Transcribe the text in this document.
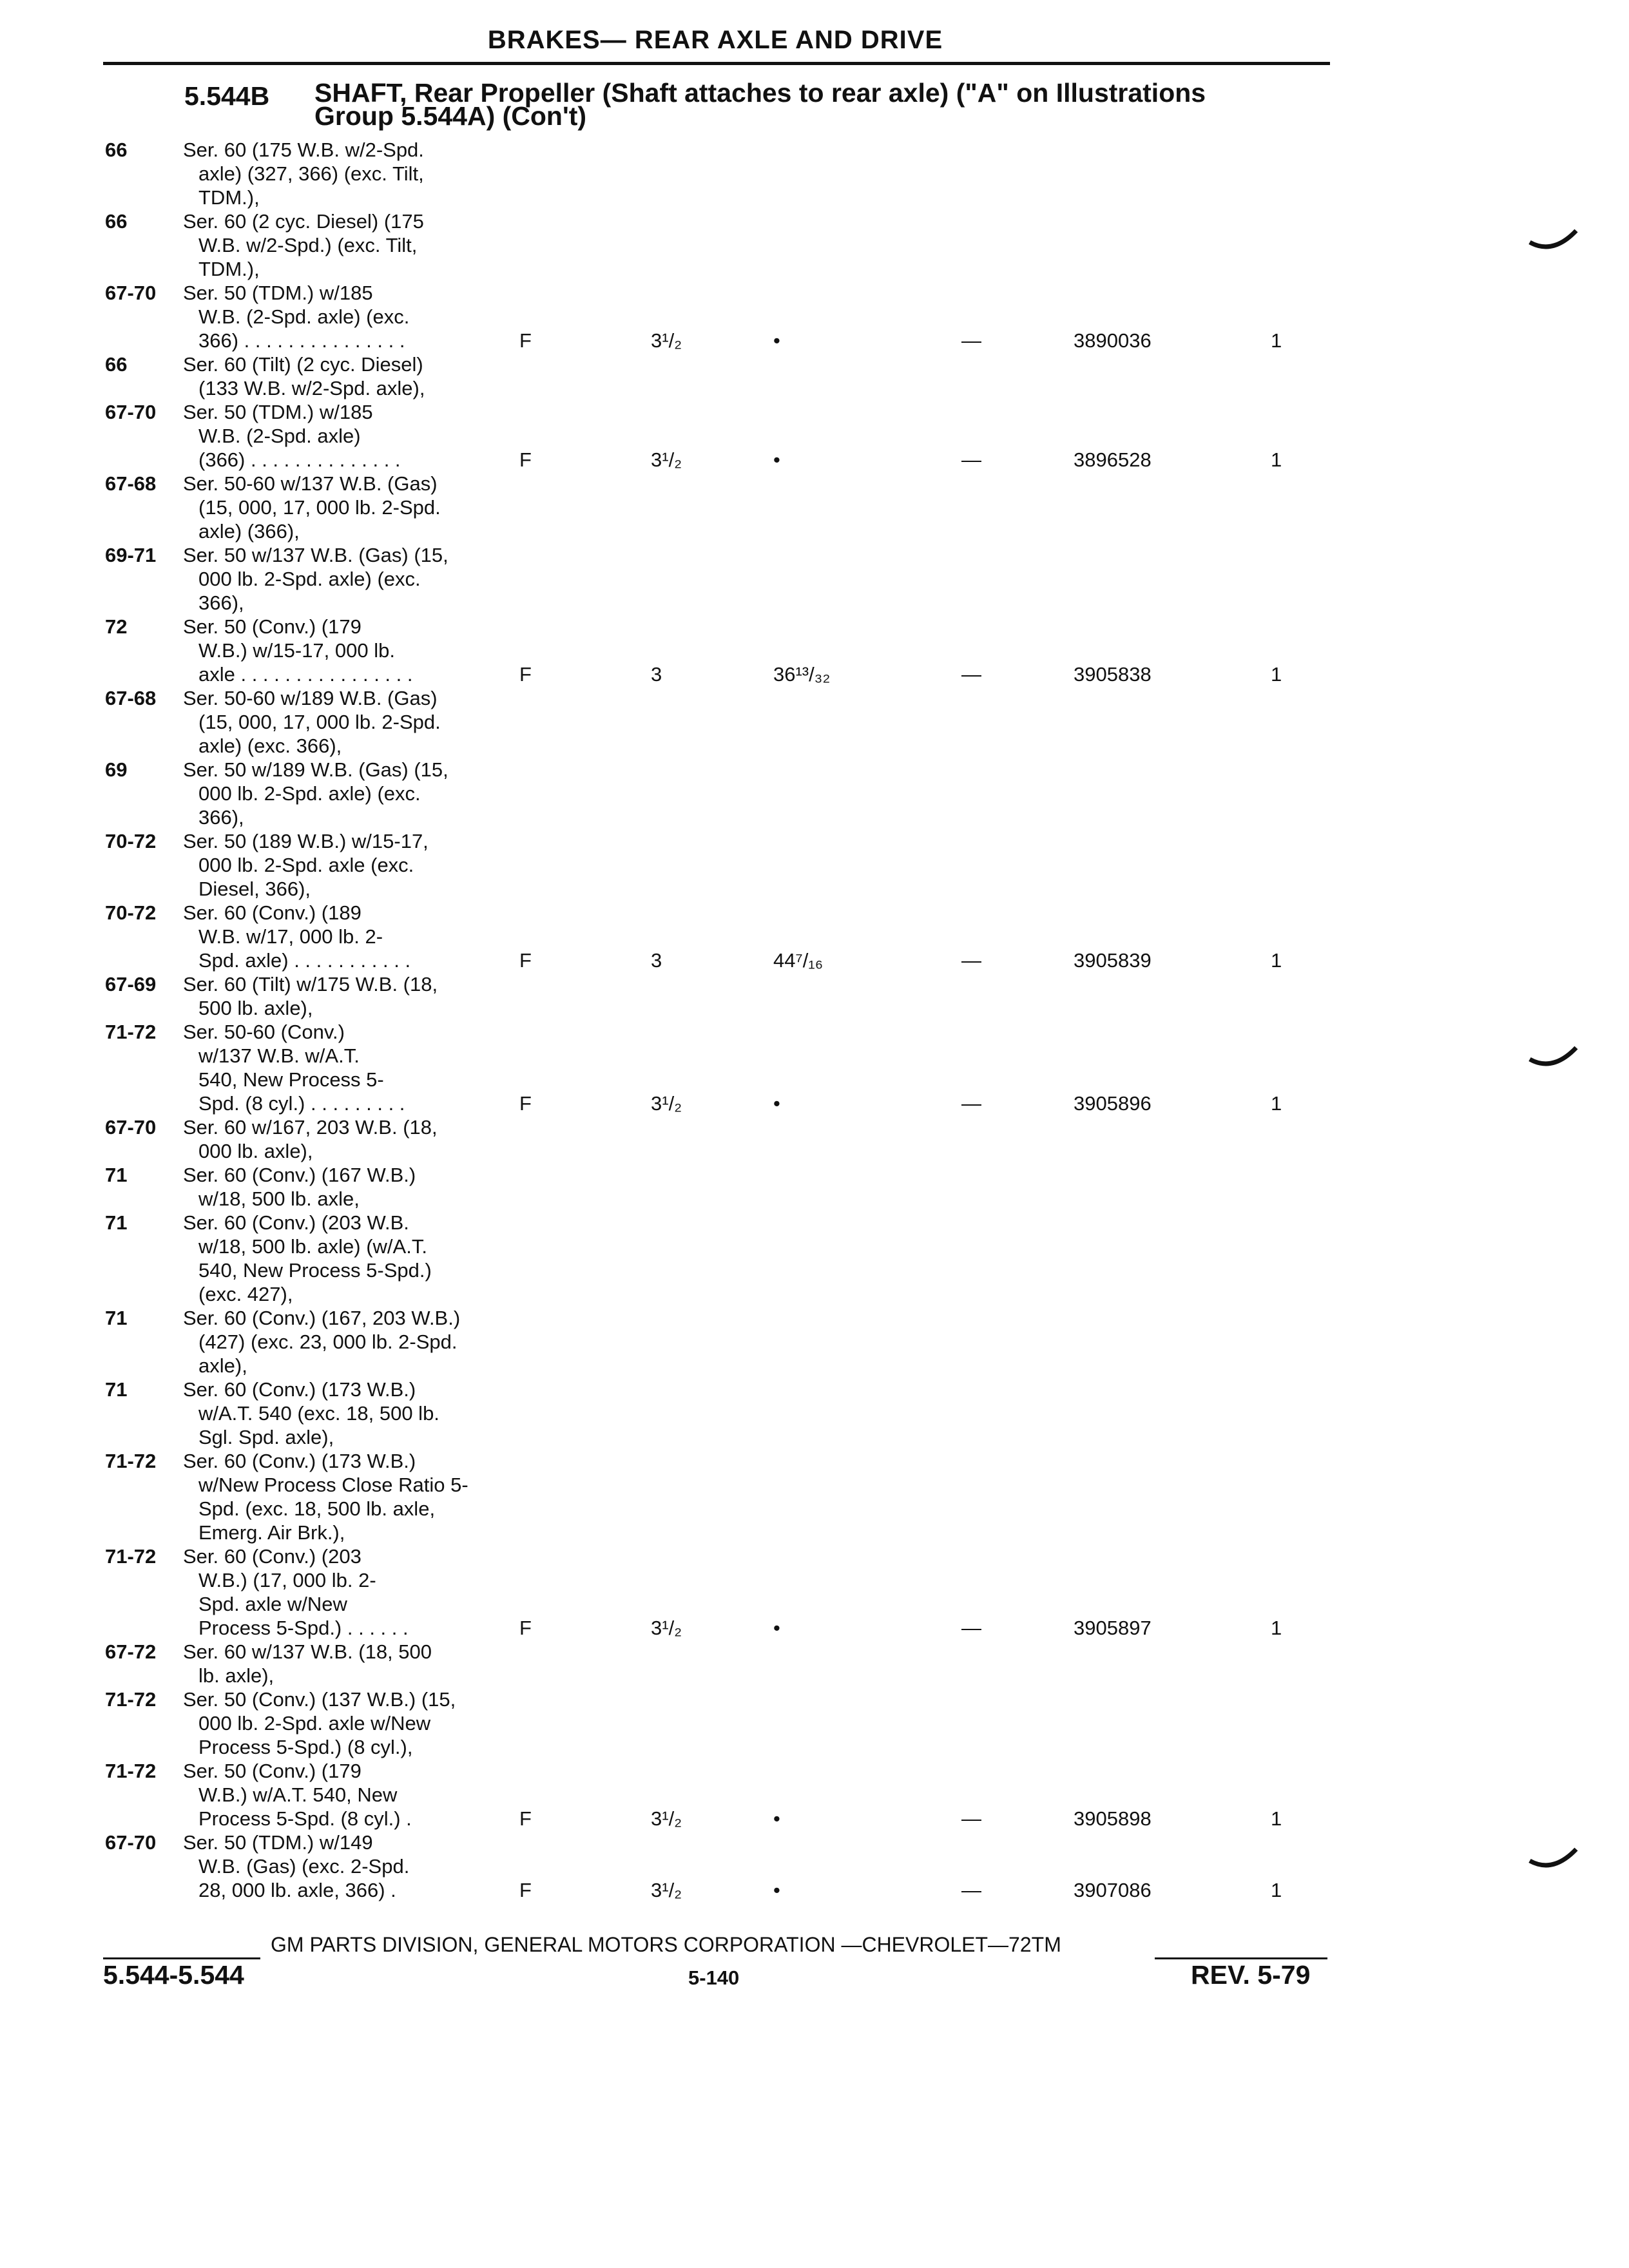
BRAKES— REAR AXLE AND DRIVE
5.544B SHAFT, Rear Propeller (Shaft attaches to rear axle) ("A" on Illustrations
Group 5.544A) (Con't)
66	Ser. 60 (175 W.B. w/2-Spd.
axle) (327, 366) (exc. Tilt,
TDM.),
66	Ser. 60 (2 cyc. Diesel) (175
W.B. w/2-Spd.) (exc. Tilt,
TDM.),
67-70 Ser. 50 (TDM.) w/185
W.B. (2-Spd. axle) (exc.
366) . . . . . . . . . . . . . . .	F	3¹/₂	•	—	3890036	1
66	Ser. 60 (Tilt) (2 cyc. Diesel)
(133 W.B. w/2-Spd. axle),
67-70 Ser. 50 (TDM.) w/185
W.B. (2-Spd. axle)
(366) . . . . . . . . . . . . . .	F	3¹/₂	•	—	3896528	1
67-68 Ser. 50-60 w/137 W.B. (Gas)
(15, 000, 17, 000 lb. 2-Spd.
axle) (366),
69-71 Ser. 50 w/137 W.B. (Gas) (15,
000 lb. 2-Spd. axle) (exc.
366),
72	Ser. 50 (Conv.) (179
W.B.) w/15-17, 000 lb.
axle . . . . . . . . . . . . . . . .	F	3	36¹³/₃₂	—	3905838	1
67-68 Ser. 50-60 w/189 W.B. (Gas)
(15, 000, 17, 000 lb. 2-Spd.
axle) (exc. 366),
69	Ser. 50 w/189 W.B. (Gas) (15,
000 lb. 2-Spd. axle) (exc.
366),
70-72 Ser. 50 (189 W.B.) w/15-17,
000 lb. 2-Spd. axle (exc.
Diesel, 366),
70-72 Ser. 60 (Conv.) (189
W.B. w/17, 000 lb. 2-
Spd. axle) . . . . . . . . . . .	F	3	44⁷/₁₆	—	3905839	1
67-69 Ser. 60 (Tilt) w/175 W.B. (18,
500 lb. axle),
71-72 Ser. 50-60 (Conv.)
w/137 W.B. w/A.T.
540, New Process 5-
Spd. (8 cyl.) . . . . . . . . .	F	3¹/₂	•	—	3905896	1
67-70 Ser. 60 w/167, 203 W.B. (18,
000 lb. axle),
71	Ser. 60 (Conv.) (167 W.B.)
w/18, 500 lb. axle,
71	Ser. 60 (Conv.) (203 W.B.
w/18, 500 lb. axle) (w/A.T.
540, New Process 5-Spd.)
(exc. 427),
71	Ser. 60 (Conv.) (167, 203 W.B.)
(427) (exc. 23, 000 lb. 2-Spd.
axle),
71	Ser. 60 (Conv.) (173 W.B.)
w/A.T. 540 (exc. 18, 500 lb.
Sgl. Spd. axle),
71-72 Ser. 60 (Conv.) (173 W.B.)
w/New Process Close Ratio 5-
Spd. (exc. 18, 500 lb. axle,
Emerg. Air Brk.),
71-72 Ser. 60 (Conv.) (203
W.B.) (17, 000 lb. 2-
Spd. axle w/New
Process 5-Spd.) . . . . . .	F	3¹/₂	•	—	3905897	1
67-72 Ser. 60 w/137 W.B. (18, 500
lb. axle),
71-72 Ser. 50 (Conv.) (137 W.B.) (15,
000 lb. 2-Spd. axle w/New
Process 5-Spd.) (8 cyl.),
71-72 Ser. 50 (Conv.) (179
W.B.) w/A.T. 540, New
Process 5-Spd. (8 cyl.) .	F	3¹/₂	•	—	3905898	1
67-70 Ser. 50 (TDM.) w/149
W.B. (Gas) (exc. 2-Spd.
28, 000 lb. axle, 366) .	F	3¹/₂	•	—	3907086	1
GM PARTS DIVISION, GENERAL MOTORS CORPORATION —CHEVROLET—72TM
5.544-5.544	5-140	REV. 5-79
